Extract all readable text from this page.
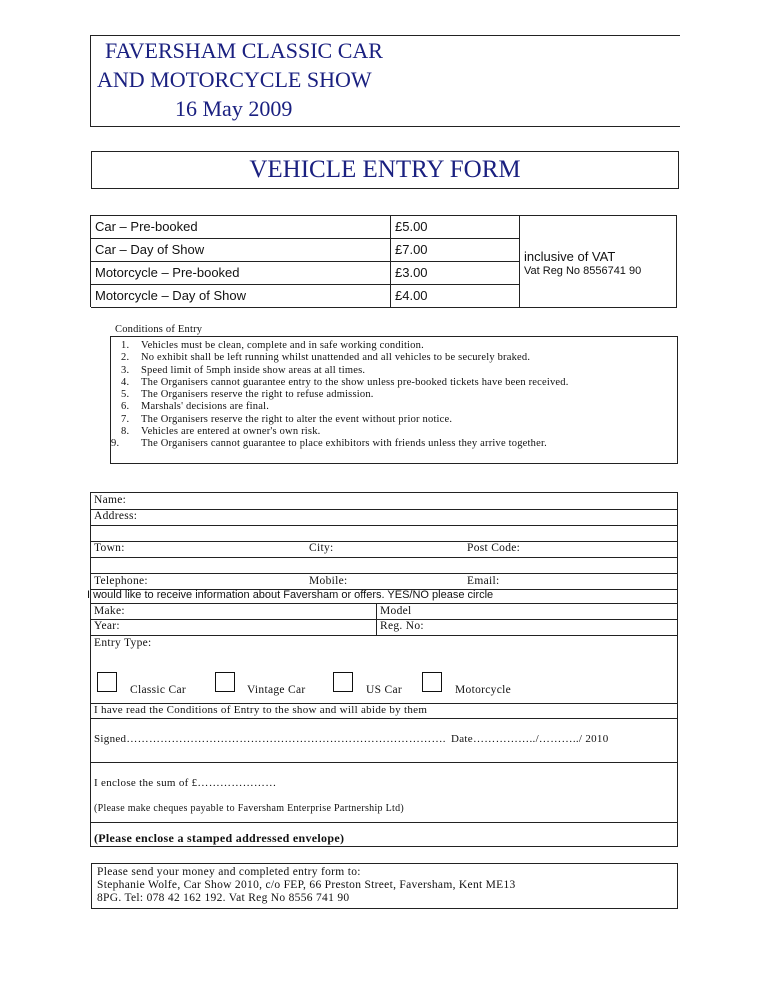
FAVERSHAM CLASSIC CAR
AND MOTORCYCLE SHOW
16 May 2009
VEHICLE ENTRY FORM
Car – Pre-booked	£5.00
Car – Day of Show	£7.00
Motorcycle – Pre-booked	£3.00
Motorcycle – Day of Show	£4.00
inclusive of VAT
Vat Reg No 8556741 90
Conditions of Entry
1. Vehicles must be clean, complete and in safe working condition.
2. No exhibit shall be left running whilst unattended and all vehicles to be securely braked.
3. Speed limit of 5mph inside show areas at all times.
4. The Organisers cannot guarantee entry to the show unless pre-booked tickets have been received.
5. The Organisers reserve the right to refuse admission.
6. Marshals' decisions are final.
7. The Organisers reserve the right to alter the event without prior notice.
8. Vehicles are entered at owner's own risk.
9. The Organisers cannot guarantee to place exhibitors with friends unless they arrive together.
Name:
Address:
Town:	City:	Post Code:
Telephone:	Mobile:	Email:
I would like to receive information about Faversham or offers. YES/NO please circle
Make:	Model
Year:	Reg. No:
Entry Type:
Classic Car	Vintage Car	US Car	Motorcycle
I have read the Conditions of Entry to the show and will abide by them
Signed…………………………………………………………………………. Date……………../………../ 2010
I enclose the sum of £…………………
(Please make cheques payable to Faversham Enterprise Partnership Ltd)
(Please enclose a stamped addressed envelope)
Please send your money and completed entry form to:
Stephanie Wolfe, Car Show 2010, c/o FEP, 66 Preston Street, Faversham, Kent ME13
8PG. Tel: 078 42 162 192. Vat Reg No 8556 741 90
